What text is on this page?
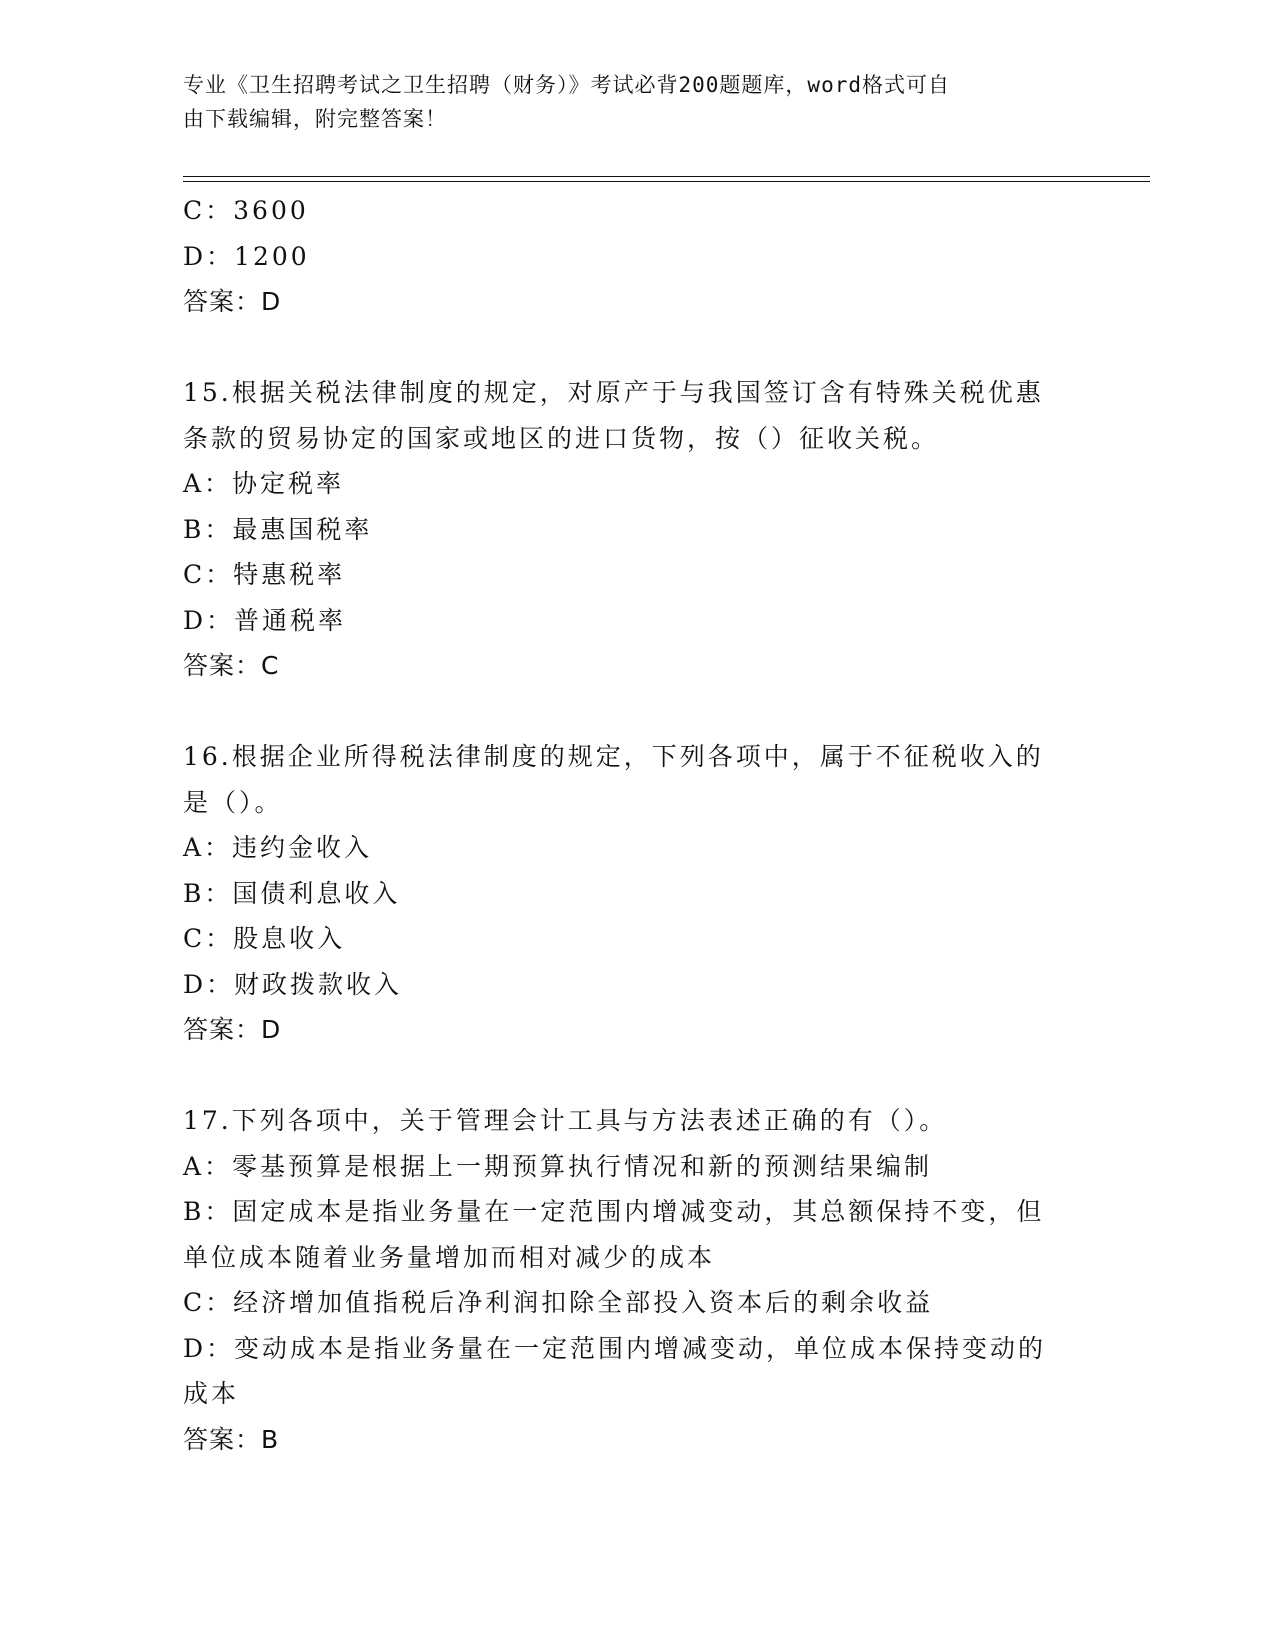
专业《卫生招聘考试之卫生招聘（财务）》考试必背200题题库，word格式可自
由下载编辑，附完整答案！
C：3600
D：1200
答案：D
15.根据关税法律制度的规定，对原产于与我国签订含有特殊关税优惠
条款的贸易协定的国家或地区的进口货物，按（）征收关税。
A：协定税率
B：最惠国税率
C：特惠税率
D：普通税率
答案：C
16.根据企业所得税法律制度的规定，下列各项中，属于不征税收入的
是（）。
A：违约金收入
B：国债利息收入
C：股息收入
D：财政拨款收入
答案：D
17.下列各项中，关于管理会计工具与方法表述正确的有（）。
A：零基预算是根据上一期预算执行情况和新的预测结果编制
B：固定成本是指业务量在一定范围内增减变动，其总额保持不变，但
单位成本随着业务量增加而相对减少的成本
C：经济增加值指税后净利润扣除全部投入资本后的剩余收益
D：变动成本是指业务量在一定范围内增减变动，单位成本保持变动的
成本
答案：B
